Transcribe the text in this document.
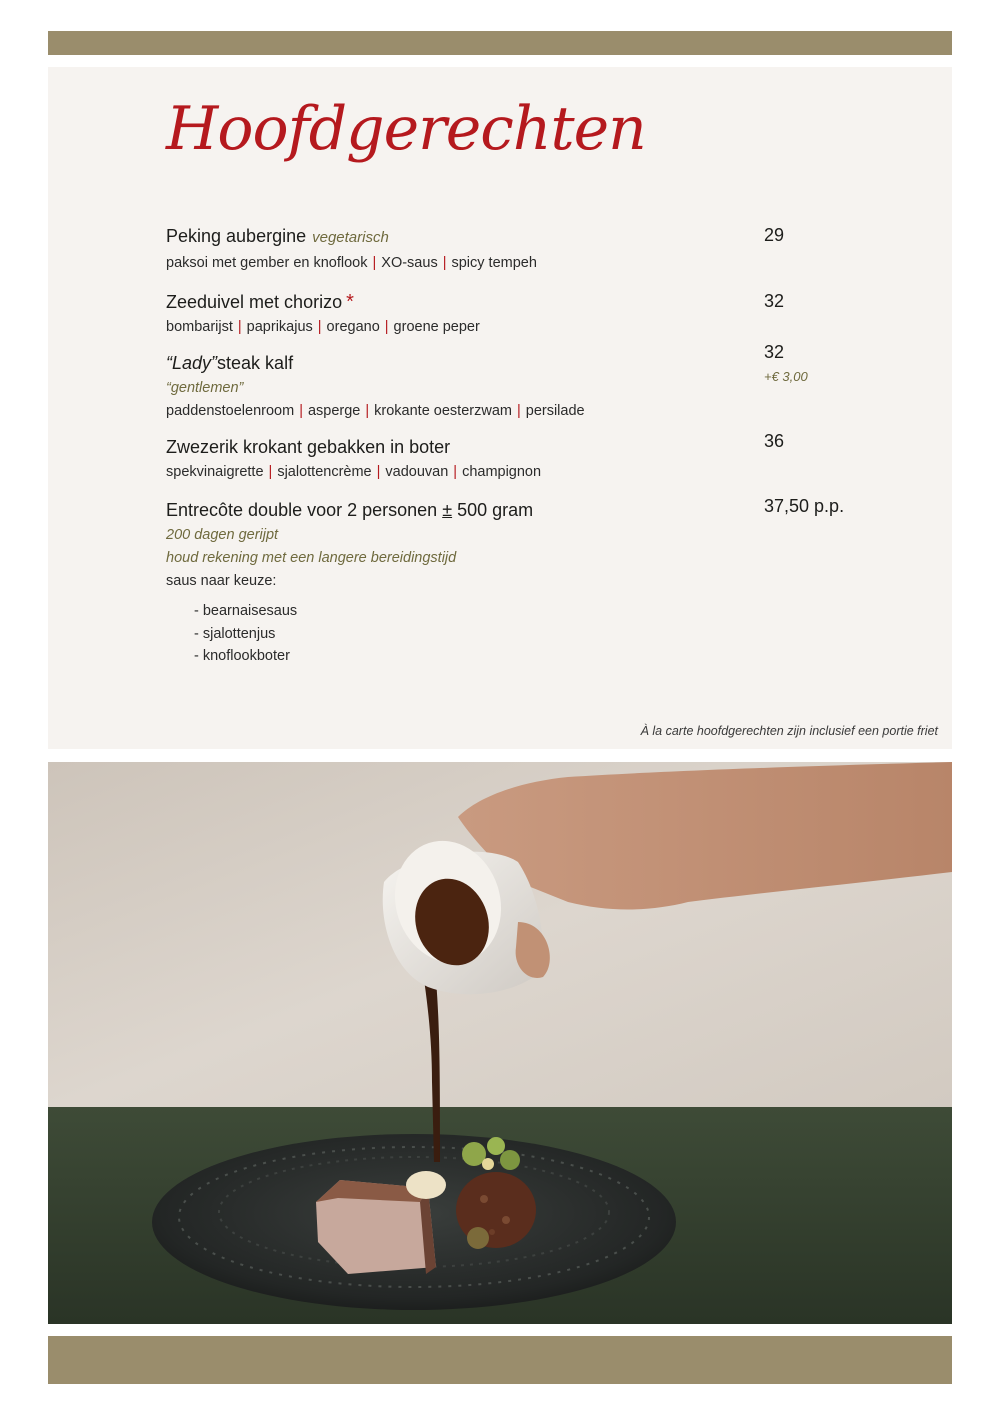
Hoofdgerechten
Peking aubergine vegetarisch
paksoi met gember en knoflook | XO-saus | spicy tempeh
29
Zeeduivel met chorizo *
bombarijst | paprikajus | oregano | groene peper
32
“Lady”steak kalf
“gentlemen”
paddenstoelenroom | asperge | krokante oesterzwam | persilade
32
+€ 3,00
Zwezerik krokant gebakken in boter
spekvinaigrette | sjalottencrème | vadouvan | champignon
36
Entrecôte double voor 2 personen ± 500 gram
200 dagen gerijpt
houd rekening met een langere bereidingstijd
saus naar keuze:
- bearnaisesaus
- sjalottenjus
- knoflookboter
37,50 p.p.
À la carte hoofdgerechten zijn inclusief een portie friet
